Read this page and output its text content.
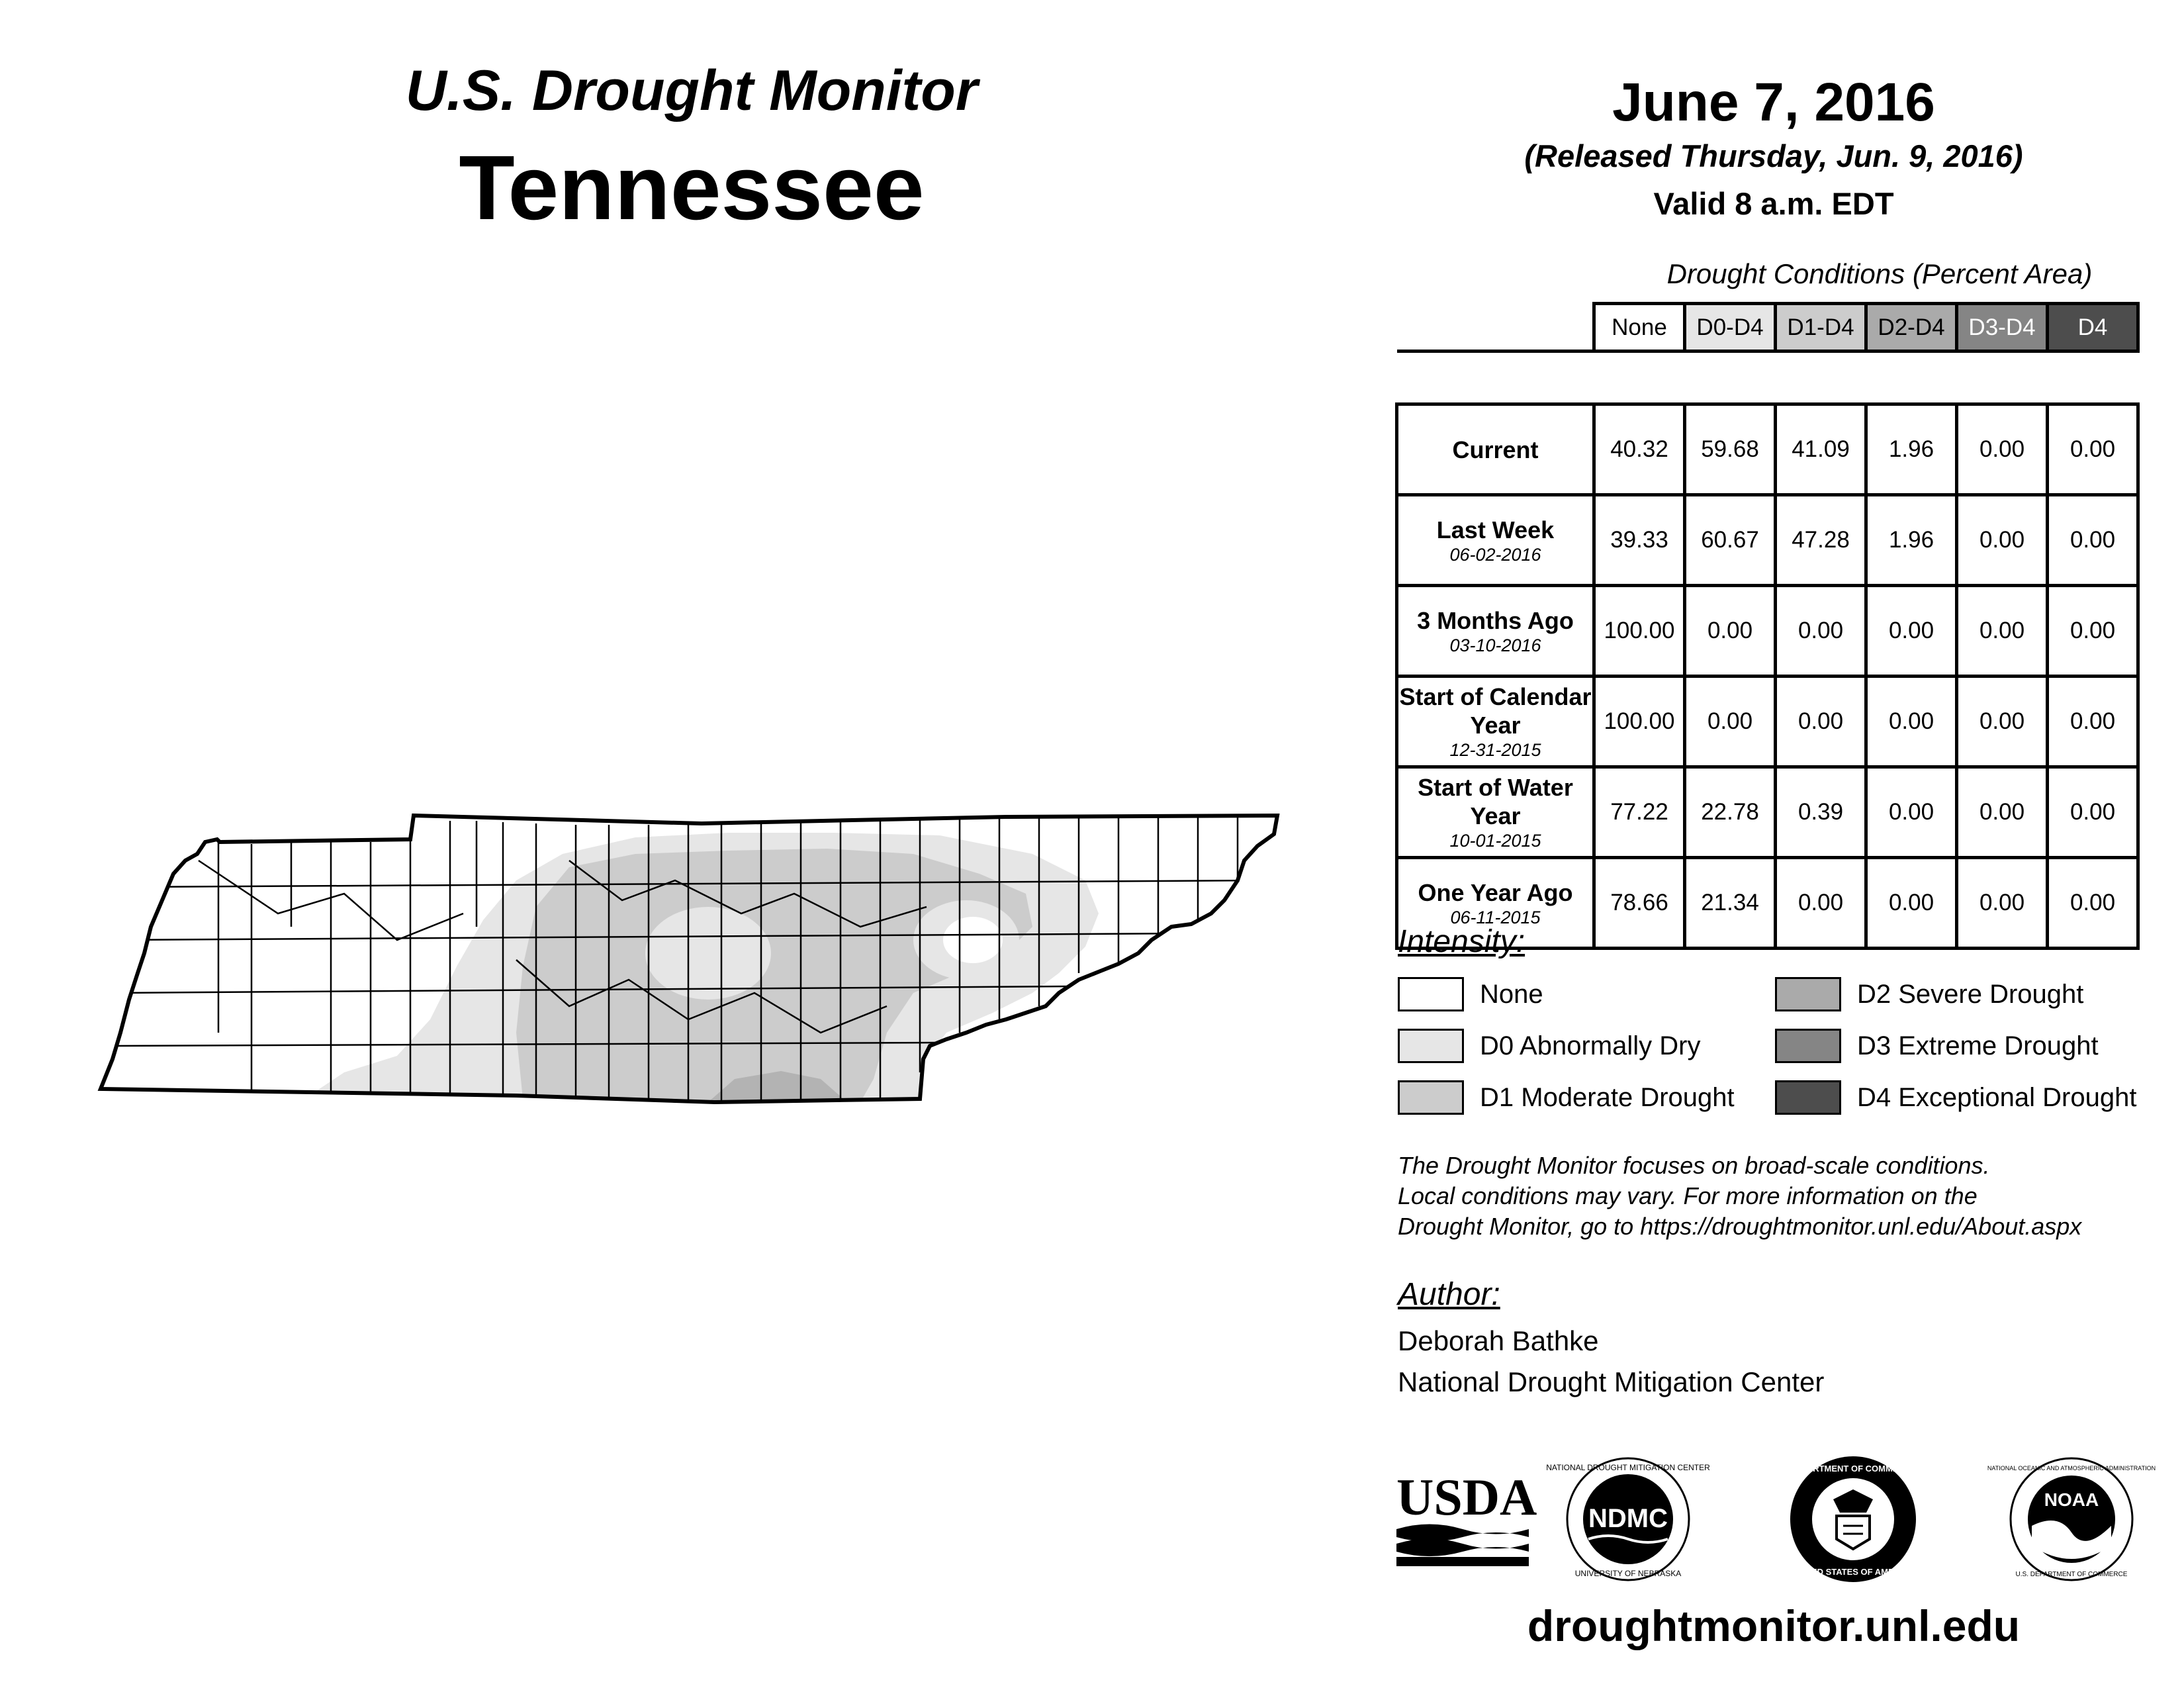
U.S. Drought Monitor
Tennessee
June 7, 2016
(Released Thursday, Jun. 9, 2016)
Valid 8 a.m. EDT
Drought Conditions (Percent Area)
	None	D0-D4	D1-D4	D2-D4	D3-D4	D4

Current	40.32	59.68	41.09	1.96	0.00	0.00
Last Week
06-02-2016	39.33	60.67	47.28	1.96	0.00	0.00
3 Months Ago
03-10-2016	100.00	0.00	0.00	0.00	0.00	0.00
Start of Calendar Year
12-31-2015	100.00	0.00	0.00	0.00	0.00	0.00
Start of Water Year
10-01-2015	77.22	22.78	0.39	0.00	0.00	0.00
One Year Ago
06-11-2015	78.66	21.34	0.00	0.00	0.00	0.00
Intensity:
None
D0 Abnormally Dry
D1 Moderate Drought
D2 Severe Drought
D3 Extreme Drought
D4 Exceptional Drought
The Drought Monitor focuses on broad-scale conditions.
Local conditions may vary. For more information on the
Drought Monitor, go to https://droughtmonitor.unl.edu/About.aspx
Author:
Deborah Bathke
National Drought Mitigation Center
USDA NDMC
NATIONAL DROUGHT MITIGATION CENTER
UNIVERSITY OF NEBRASKA
DEPARTMENT OF COMMERCE
UNITED STATES OF AMERICA
NOAA
NATIONAL OCEANIC AND ATMOSPHERIC ADMINISTRATION
U.S. DEPARTMENT OF COMMERCE
droughtmonitor.unl.edu
